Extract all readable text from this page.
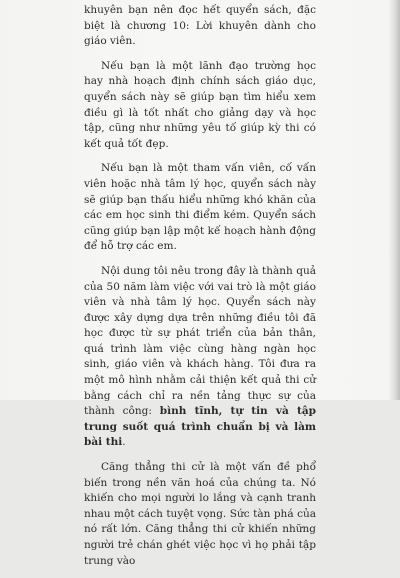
khuyên bạn nên đọc hết quyển sách, đặc biệt là chương 10: Lời khuyên dành cho giáo viên.

Nếu bạn là một lãnh đạo trường học hay nhà hoạch định chính sách giáo dục, quyển sách này sẽ giúp bạn tìm hiểu xem điều gì là tốt nhất cho giảng dạy và học tập, cũng như những yêu tố giúp kỳ thi có kết quả tốt đẹp.

Nếu bạn là một tham vấn viên, cố vấn viên hoặc nhà tâm lý học, quyển sách này sẽ giúp bạn thấu hiểu những khó khăn của các em học sinh thi điểm kém. Quyển sách cũng giúp bạn lập một kế hoạch hành động để hỗ trợ các em.

Nội dung tôi nêu trong đây là thành quả của 50 năm làm việc với vai trò là một giáo viên và nhà tâm lý học. Quyển sách này được xây dựng dựa trên những điều tôi đã học được từ sự phát triển của bản thân, quá trình làm việc cùng hàng ngàn học sinh, giáo viên và khách hàng. Tôi đưa ra một mô hình nhằm cải thiện kết quả thi cử bằng cách chỉ ra nền tảng thực sự của thành công: bình tĩnh, tự tin và tập trung suốt quá trình chuẩn bị và làm bài thi.

Căng thẳng thi cử là một vấn đề phổ biến trong nền văn hoá của chúng ta. Nó khiến cho mọi người lo lắng và cạnh tranh nhau một cách tuyệt vọng. Sức tàn phá của nó rất lớn. Căng thẳng thi cử khiến những người trẻ chán ghét việc học vì họ phải tập trung vào
